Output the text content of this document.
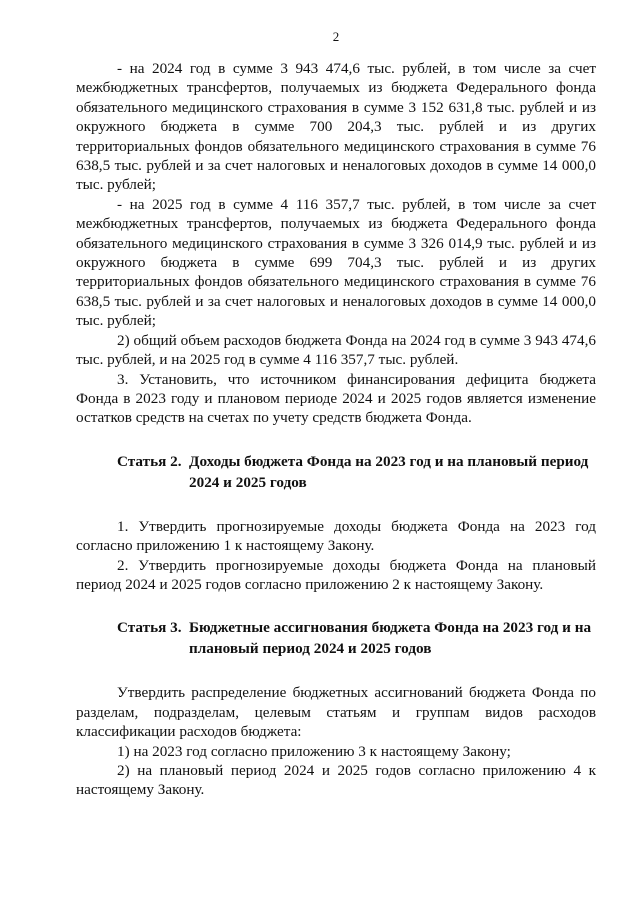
2

- на 2024 год в сумме 3 943 474,6 тыс. рублей, в том числе за счет межбюджетных трансфертов, получаемых из бюджета Федерального фонда обязательного медицинского страхования в сумме 3 152 631,8 тыс. рублей и из окружного бюджета в сумме 700 204,3 тыс. рублей и из других территориальных фондов обязательного медицинского страхования в сумме 76 638,5 тыс. рублей и за счет налоговых и неналоговых доходов в сумме 14 000,0 тыс. рублей;

- на 2025 год в сумме 4 116 357,7 тыс. рублей, в том числе за счет межбюджетных трансфертов, получаемых из бюджета Федерального фонда обязательного медицинского страхования в сумме 3 326 014,9 тыс. рублей и из окружного бюджета в сумме 699 704,3 тыс. рублей и из других территориальных фондов обязательного медицинского страхования в сумме 76 638,5 тыс. рублей и за счет налоговых и неналоговых доходов в сумме 14 000,0 тыс. рублей;

2) общий объем расходов бюджета Фонда на 2024 год в сумме 3 943 474,6 тыс. рублей, и на 2025 год в сумме 4 116 357,7 тыс. рублей.

3. Установить, что источником финансирования дефицита бюджета Фонда в 2023 году и плановом периоде 2024 и 2025 годов является изменение остатков средств на счетах по учету средств бюджета Фонда.

Статья 2. Доходы бюджета Фонда на 2023 год и на плановый период 2024 и 2025 годов

1. Утвердить прогнозируемые доходы бюджета Фонда на 2023 год согласно приложению 1 к настоящему Закону.

2. Утвердить прогнозируемые доходы бюджета Фонда на плановый период 2024 и 2025 годов согласно приложению 2 к настоящему Закону.

Статья 3. Бюджетные ассигнования бюджета Фонда на 2023 год и на плановый период 2024 и 2025 годов

Утвердить распределение бюджетных ассигнований бюджета Фонда по разделам, подразделам, целевым статьям и группам видов расходов классификации расходов бюджета:

1) на 2023 год согласно приложению 3 к настоящему Закону;

2) на плановый период 2024 и 2025 годов согласно приложению 4 к настоящему Закону.
